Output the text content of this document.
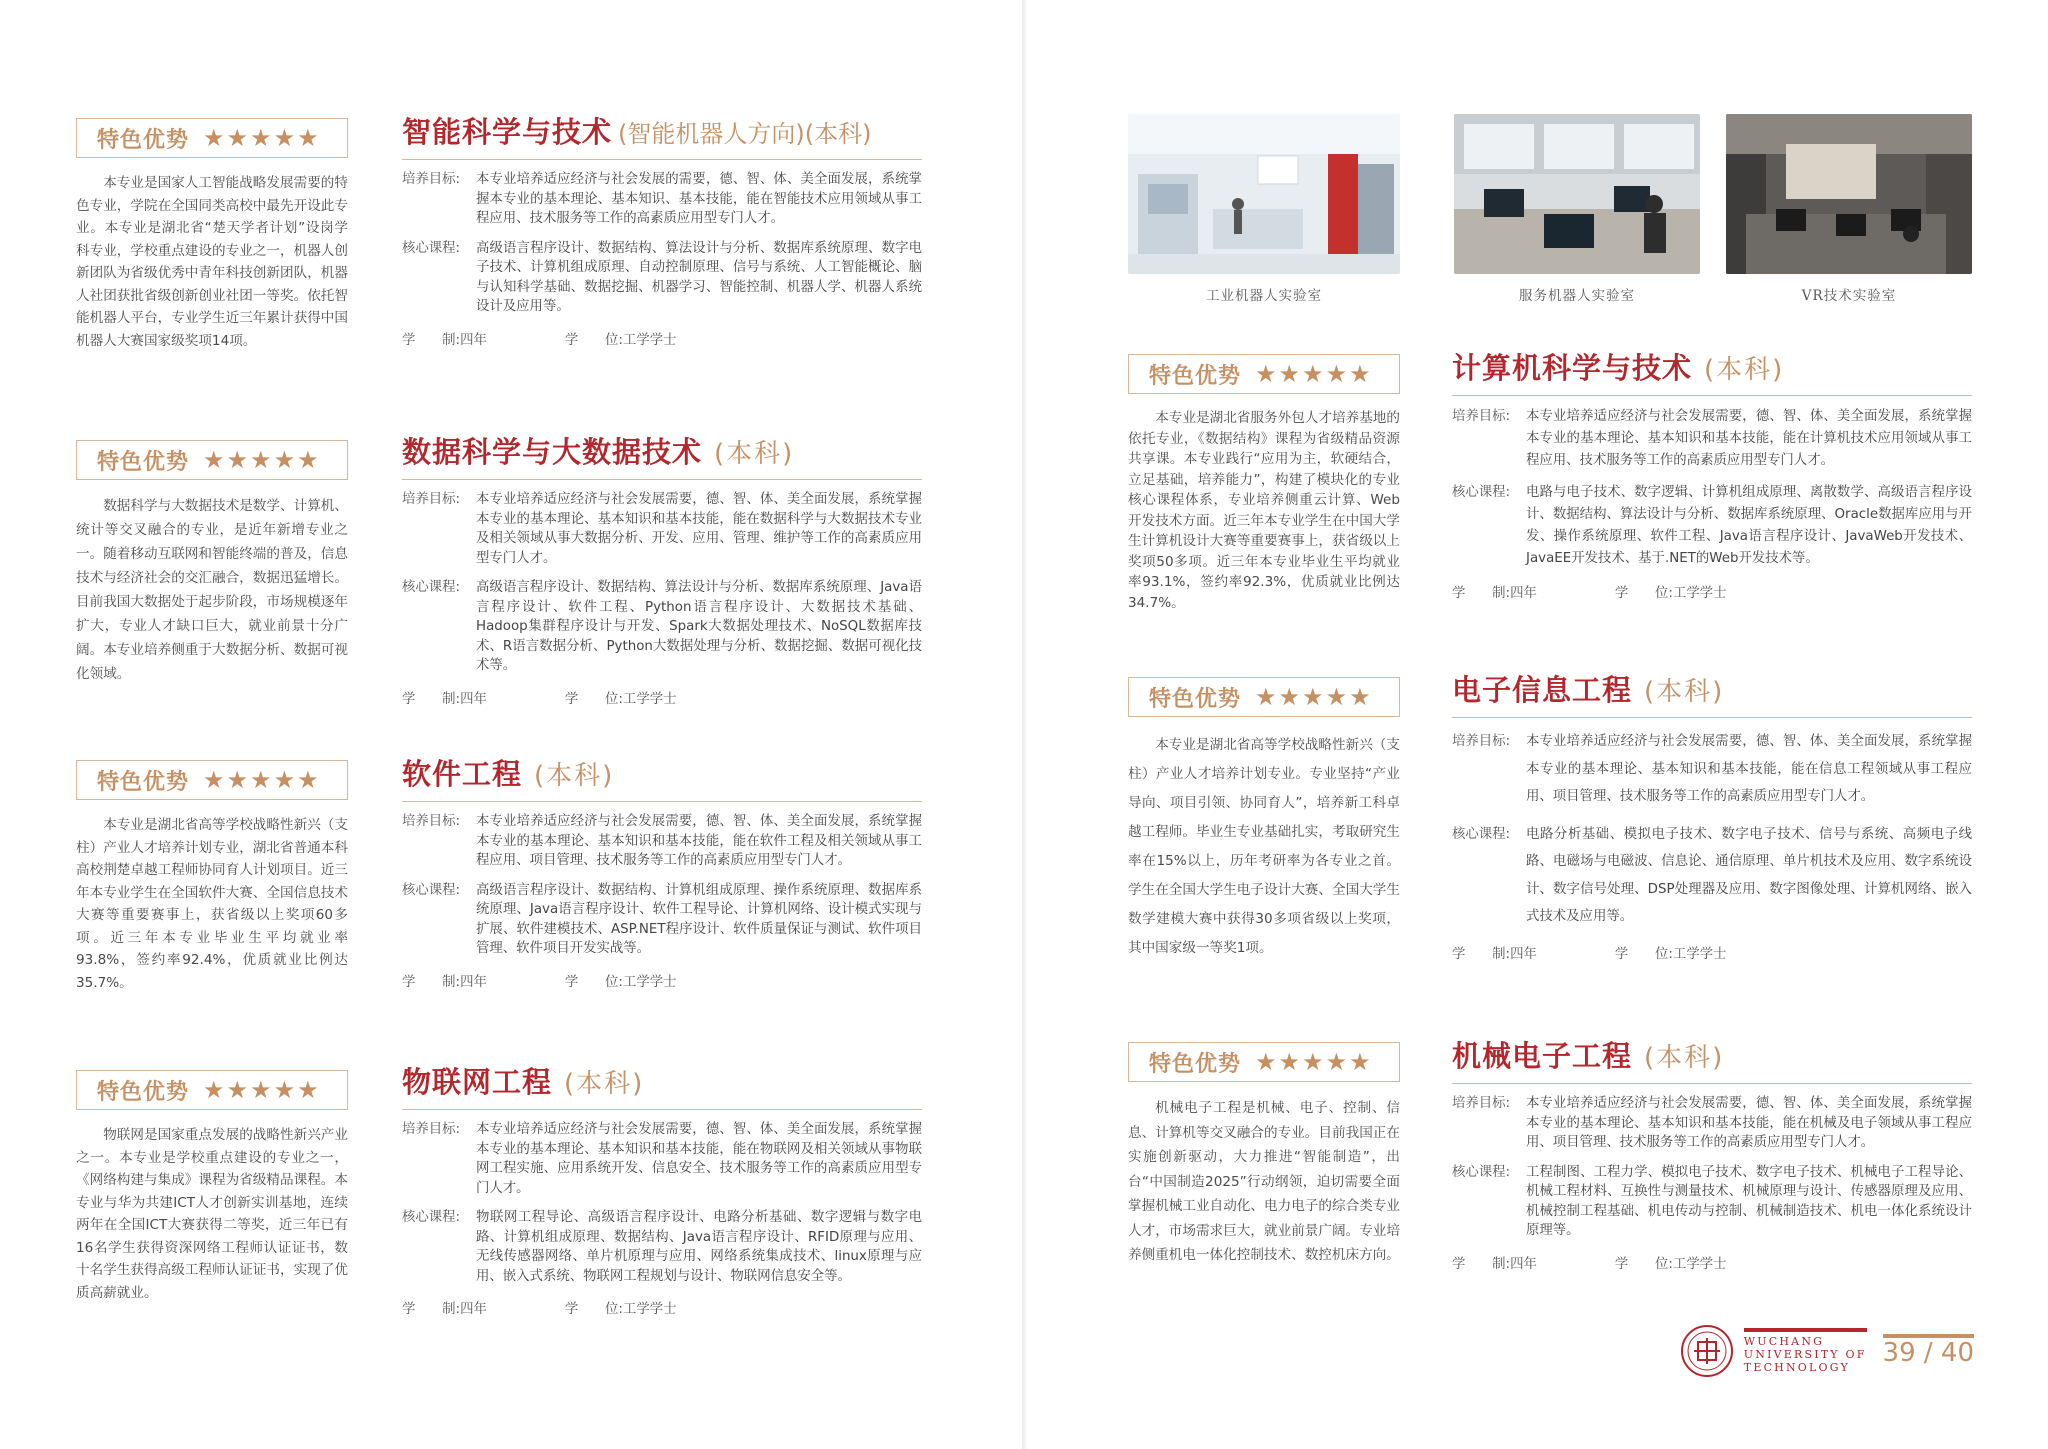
特色优势 ★★★★★
本专业是国家人工智能战略发展需要的特色专业，学院在全国同类高校中最先开设此专业。本专业是湖北省“楚天学者计划”设岗学科专业，学校重点建设的专业之一，机器人创新团队为省级优秀中青年科技创新团队，机器人社团获批省级创新创业社团一等奖。依托智能机器人平台，专业学生近三年累计获得中国机器人大赛国家级奖项14项。
特色优势 ★★★★★
数据科学与大数据技术是数学、计算机、统计等交叉融合的专业，是近年新增专业之一。随着移动互联网和智能终端的普及，信息技术与经济社会的交汇融合，数据迅猛增长。目前我国大数据处于起步阶段，市场规模逐年扩大，专业人才缺口巨大，就业前景十分广阔。本专业培养侧重于大数据分析、数据可视化领域。
特色优势 ★★★★★
本专业是湖北省高等学校战略性新兴（支柱）产业人才培养计划专业，湖北省普通本科高校荆楚卓越工程师协同育人计划项目。近三年本专业学生在全国软件大赛、全国信息技术大赛等重要赛事上，获省级以上奖项60多项。近三年本专业毕业生平均就业率93.8%，签约率92.4%，优质就业比例达35.7%。
特色优势 ★★★★★
物联网是国家重点发展的战略性新兴产业之一。本专业是学校重点建设的专业之一，《网络构建与集成》课程为省级精品课程。本专业与华为共建ICT人才创新实训基地，连续两年在全国ICT大赛获得二等奖，近三年已有16名学生获得资深网络工程师认证证书，数十名学生获得高级工程师认证证书，实现了优质高薪就业。
智能科学与技术 (智能机器人方向)(本科)
培养目标:	本专业培养适应经济与社会发展的需要，德、智、体、美全面发展，系统掌握本专业的基本理论、基本知识、基本技能，能在智能技术应用领域从事工程应用、技术服务等工作的高素质应用型专门人才。
核心课程:	高级语言程序设计、数据结构、算法设计与分析、数据库系统原理、数字电子技术、计算机组成原理、自动控制原理、信号与系统、人工智能概论、脑与认知科学基础、数据挖掘、机器学习、智能控制、机器人学、机器人系统设计及应用等。
学　　制: 四年	学　　位: 工学学士
数据科学与大数据技术 (本科)
培养目标:	本专业培养适应经济与社会发展需要，德、智、体、美全面发展，系统掌握本专业的基本理论、基本知识和基本技能，能在数据科学与大数据技术专业及相关领域从事大数据分析、开发、应用、管理、维护等工作的高素质应用型专门人才。
核心课程:	高级语言程序设计、数据结构、算法设计与分析、数据库系统原理、Java语言程序设计、软件工程、Python语言程序设计、大数据技术基础、Hadoop集群程序设计与开发、Spark大数据处理技术、NoSQL数据库技术、R语言数据分析、Python大数据处理与分析、数据挖掘、数据可视化技术等。
学　　制: 四年	学　　位: 工学学士
软件工程 (本科)
培养目标:	本专业培养适应经济与社会发展需要，德、智、体、美全面发展，系统掌握本专业的基本理论、基本知识和基本技能，能在软件工程及相关领域从事工程应用、项目管理、技术服务等工作的高素质应用型专门人才。
核心课程:	高级语言程序设计、数据结构、计算机组成原理、操作系统原理、数据库系统原理、Java语言程序设计、软件工程导论、计算机网络、设计模式实现与扩展、软件建模技术、ASP.NET程序设计、软件质量保证与测试、软件项目管理、软件项目开发实战等。
学　　制: 四年	学　　位: 工学学士
物联网工程 (本科)
培养目标:	本专业培养适应经济与社会发展需要，德、智、体、美全面发展，系统掌握本专业的基本理论、基本知识和基本技能，能在物联网及相关领域从事物联网工程实施、应用系统开发、信息安全、技术服务等工作的高素质应用型专门人才。
核心课程:	物联网工程导论、高级语言程序设计、电路分析基础、数字逻辑与数字电路、计算机组成原理、数据结构、Java语言程序设计、RFID原理与应用、无线传感器网络、单片机原理与应用、网络系统集成技术、linux原理与应用、嵌入式系统、物联网工程规划与设计、物联网信息安全等。
学　　制: 四年	学　　位: 工学学士
工业机器人实验室	服务机器人实验室	VR技术实验室
特色优势 ★★★★★
本专业是湖北省服务外包人才培养基地的依托专业，《数据结构》课程为省级精品资源共享课。本专业践行“应用为主，软硬结合，立足基础，培养能力”，构建了模块化的专业核心课程体系，专业培养侧重云计算、Web开发技术方面。近三年本专业学生在中国大学生计算机设计大赛等重要赛事上，获省级以上奖项50多项。近三年本专业毕业生平均就业率93.1%，签约率92.3%，优质就业比例达34.7%。
特色优势 ★★★★★
本专业是湖北省高等学校战略性新兴（支柱）产业人才培养计划专业。专业坚持“产业导向、项目引领、协同育人”，培养新工科卓越工程师。毕业生专业基础扎实，考取研究生率在15%以上，历年考研率为各专业之首。学生在全国大学生电子设计大赛、全国大学生数学建模大赛中获得30多项省级以上奖项，其中国家级一等奖1项。
特色优势 ★★★★★
机械电子工程是机械、电子、控制、信息、计算机等交叉融合的专业。目前我国正在实施创新驱动，大力推进“智能制造”，出台“中国制造2025”行动纲领，迫切需要全面掌握机械工业自动化、电力电子的综合类专业人才，市场需求巨大，就业前景广阔。专业培养侧重机电一体化控制技术、数控机床方向。
计算机科学与技术 (本科)
培养目标:	本专业培养适应经济与社会发展需要，德、智、体、美全面发展，系统掌握本专业的基本理论、基本知识和基本技能，能在计算机技术应用领域从事工程应用、技术服务等工作的高素质应用型专门人才。
核心课程:	电路与电子技术、数字逻辑、计算机组成原理、离散数学、高级语言程序设计、数据结构、算法设计与分析、数据库系统原理、Oracle数据库应用与开发、操作系统原理、软件工程、Java语言程序设计、JavaWeb开发技术、JavaEE开发技术、基于.NET的Web开发技术等。
学　　制: 四年	学　　位: 工学学士
电子信息工程 (本科)
培养目标:	本专业培养适应经济与社会发展需要，德、智、体、美全面发展，系统掌握本专业的基本理论、基本知识和基本技能，能在信息工程领域从事工程应用、项目管理、技术服务等工作的高素质应用型专门人才。
核心课程:	电路分析基础、模拟电子技术、数字电子技术、信号与系统、高频电子线路、电磁场与电磁波、信息论、通信原理、单片机技术及应用、数字系统设计、数字信号处理、DSP处理器及应用、数字图像处理、计算机网络、嵌入式技术及应用等。
学　　制: 四年	学　　位: 工学学士
机械电子工程 (本科)
培养目标:	本专业培养适应经济与社会发展需要，德、智、体、美全面发展，系统掌握本专业的基本理论、基本知识和基本技能，能在机械及电子领域从事工程应用、项目管理、技术服务等工作的高素质应用型专门人才。
核心课程:	工程制图、工程力学、模拟电子技术、数字电子技术、机械电子工程导论、机械工程材料、互换性与测量技术、机械原理与设计、传感器原理及应用、机械控制工程基础、机电传动与控制、机械制造技术、机电一体化系统设计原理等。
学　　制: 四年	学　　位: 工学学士
WUCHANG
UNIVERSITY OF
TECHNOLOGY	39 / 40
